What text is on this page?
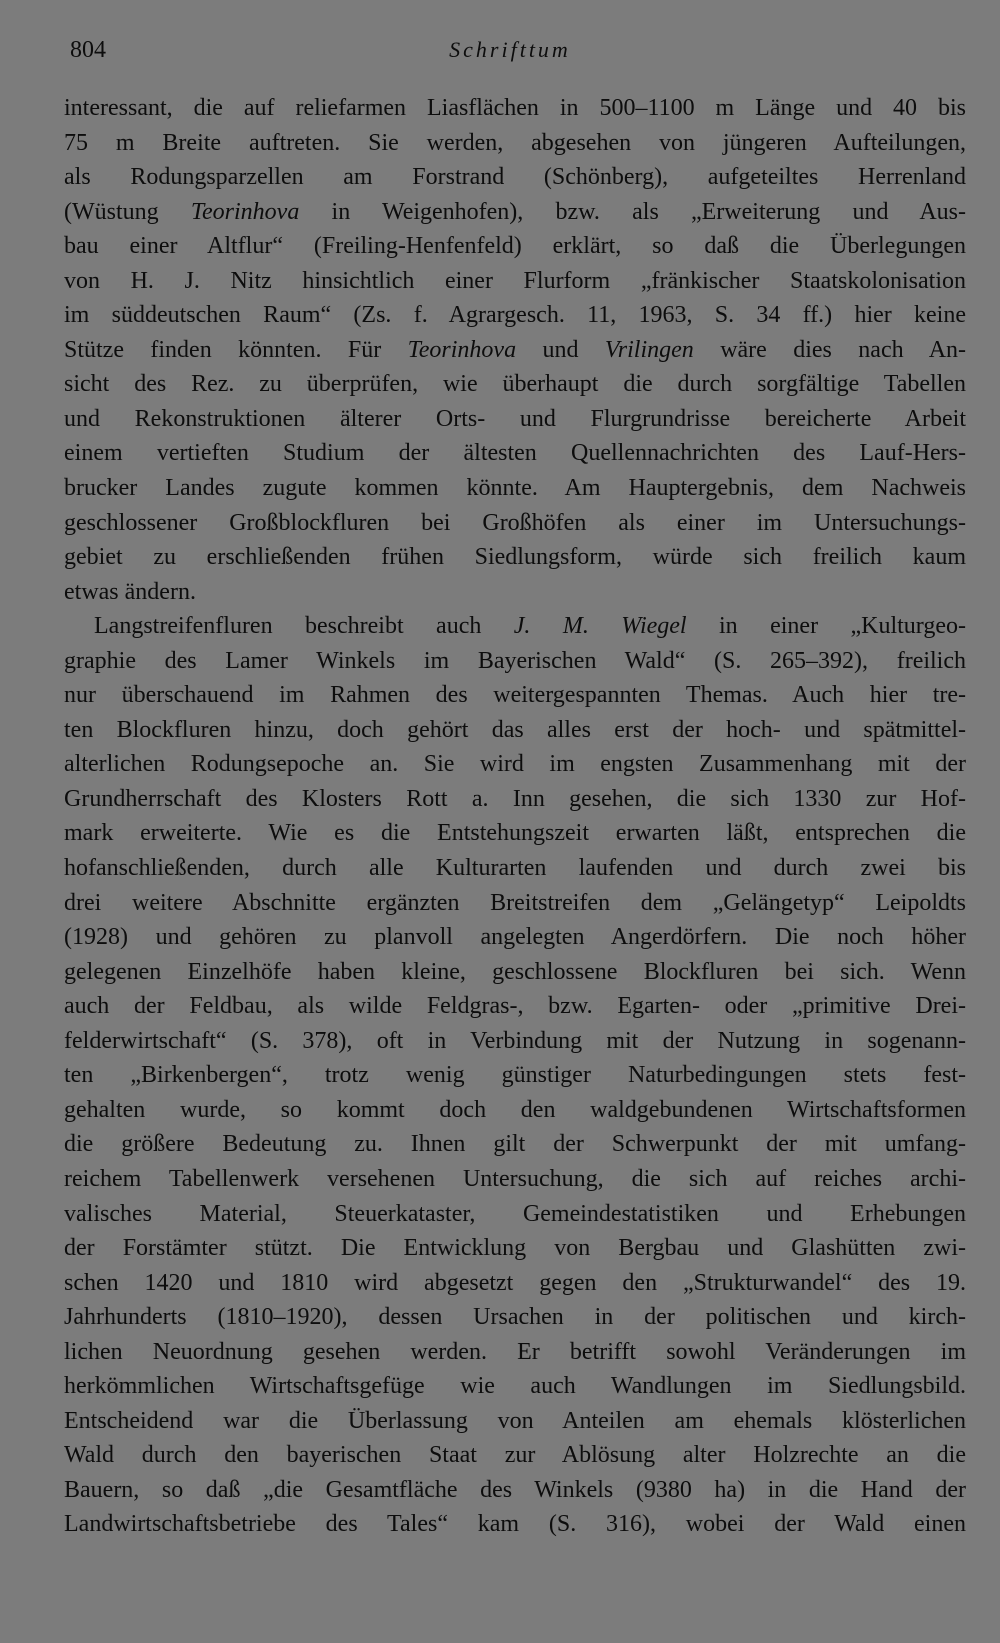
804	Schrifttum
interessant, die auf reliefarmen Liasflächen in 500–1100 m Länge und 40 bis
75 m Breite auftreten. Sie werden, abgesehen von jüngeren Aufteilungen,
als Rodungsparzellen am Forstrand (Schönberg), aufgeteiltes Herrenland
(Wüstung Teorinhova in Weigenhofen), bzw. als „Erweiterung und Aus-
bau einer Altflur“ (Freiling-Henfenfeld) erklärt, so daß die Überlegungen
von H. J. Nitz hinsichtlich einer Flurform „fränkischer Staatskolonisation
im süddeutschen Raum“ (Zs. f. Agrargesch. 11, 1963, S. 34 ff.) hier keine
Stütze finden könnten. Für Teorinhova und Vrilingen wäre dies nach An-
sicht des Rez. zu überprüfen, wie überhaupt die durch sorgfältige Tabellen
und Rekonstruktionen älterer Orts- und Flurgrundrisse bereicherte Arbeit
einem vertieften Studium der ältesten Quellennachrichten des Lauf-Hers-
brucker Landes zugute kommen könnte. Am Hauptergebnis, dem Nachweis
geschlossener Großblockfluren bei Großhöfen als einer im Untersuchungs-
gebiet zu erschließenden frühen Siedlungsform, würde sich freilich kaum
etwas ändern.
Langstreifenfluren beschreibt auch J. M. Wiegel in einer „Kulturgeo-
graphie des Lamer Winkels im Bayerischen Wald“ (S. 265–392), freilich
nur überschauend im Rahmen des weitergespannten Themas. Auch hier tre-
ten Blockfluren hinzu, doch gehört das alles erst der hoch- und spätmittel-
alterlichen Rodungsepoche an. Sie wird im engsten Zusammenhang mit der
Grundherrschaft des Klosters Rott a. Inn gesehen, die sich 1330 zur Hof-
mark erweiterte. Wie es die Entstehungszeit erwarten läßt, entsprechen die
hofanschließenden, durch alle Kulturarten laufenden und durch zwei bis
drei weitere Abschnitte ergänzten Breitstreifen dem „Gelängetyp“ Leipoldts
(1928) und gehören zu planvoll angelegten Angerdörfern. Die noch höher
gelegenen Einzelhöfe haben kleine, geschlossene Blockfluren bei sich. Wenn
auch der Feldbau, als wilde Feldgras-, bzw. Egarten- oder „primitive Drei-
felderwirtschaft“ (S. 378), oft in Verbindung mit der Nutzung in sogenann-
ten „Birkenbergen“, trotz wenig günstiger Naturbedingungen stets fest-
gehalten wurde, so kommt doch den waldgebundenen Wirtschaftsformen
die größere Bedeutung zu. Ihnen gilt der Schwerpunkt der mit umfang-
reichem Tabellenwerk versehenen Untersuchung, die sich auf reiches archi-
valisches Material, Steuerkataster, Gemeindestatistiken und Erhebungen
der Forstämter stützt. Die Entwicklung von Bergbau und Glashütten zwi-
schen 1420 und 1810 wird abgesetzt gegen den „Strukturwandel“ des 19.
Jahrhunderts (1810–1920), dessen Ursachen in der politischen und kirch-
lichen Neuordnung gesehen werden. Er betrifft sowohl Veränderungen im
herkömmlichen Wirtschaftsgefüge wie auch Wandlungen im Siedlungsbild.
Entscheidend war die Überlassung von Anteilen am ehemals klösterlichen
Wald durch den bayerischen Staat zur Ablösung alter Holzrechte an die
Bauern, so daß „die Gesamtfläche des Winkels (9380 ha) in die Hand der
Landwirtschaftsbetriebe des Tales“ kam (S. 316), wobei der Wald einen
